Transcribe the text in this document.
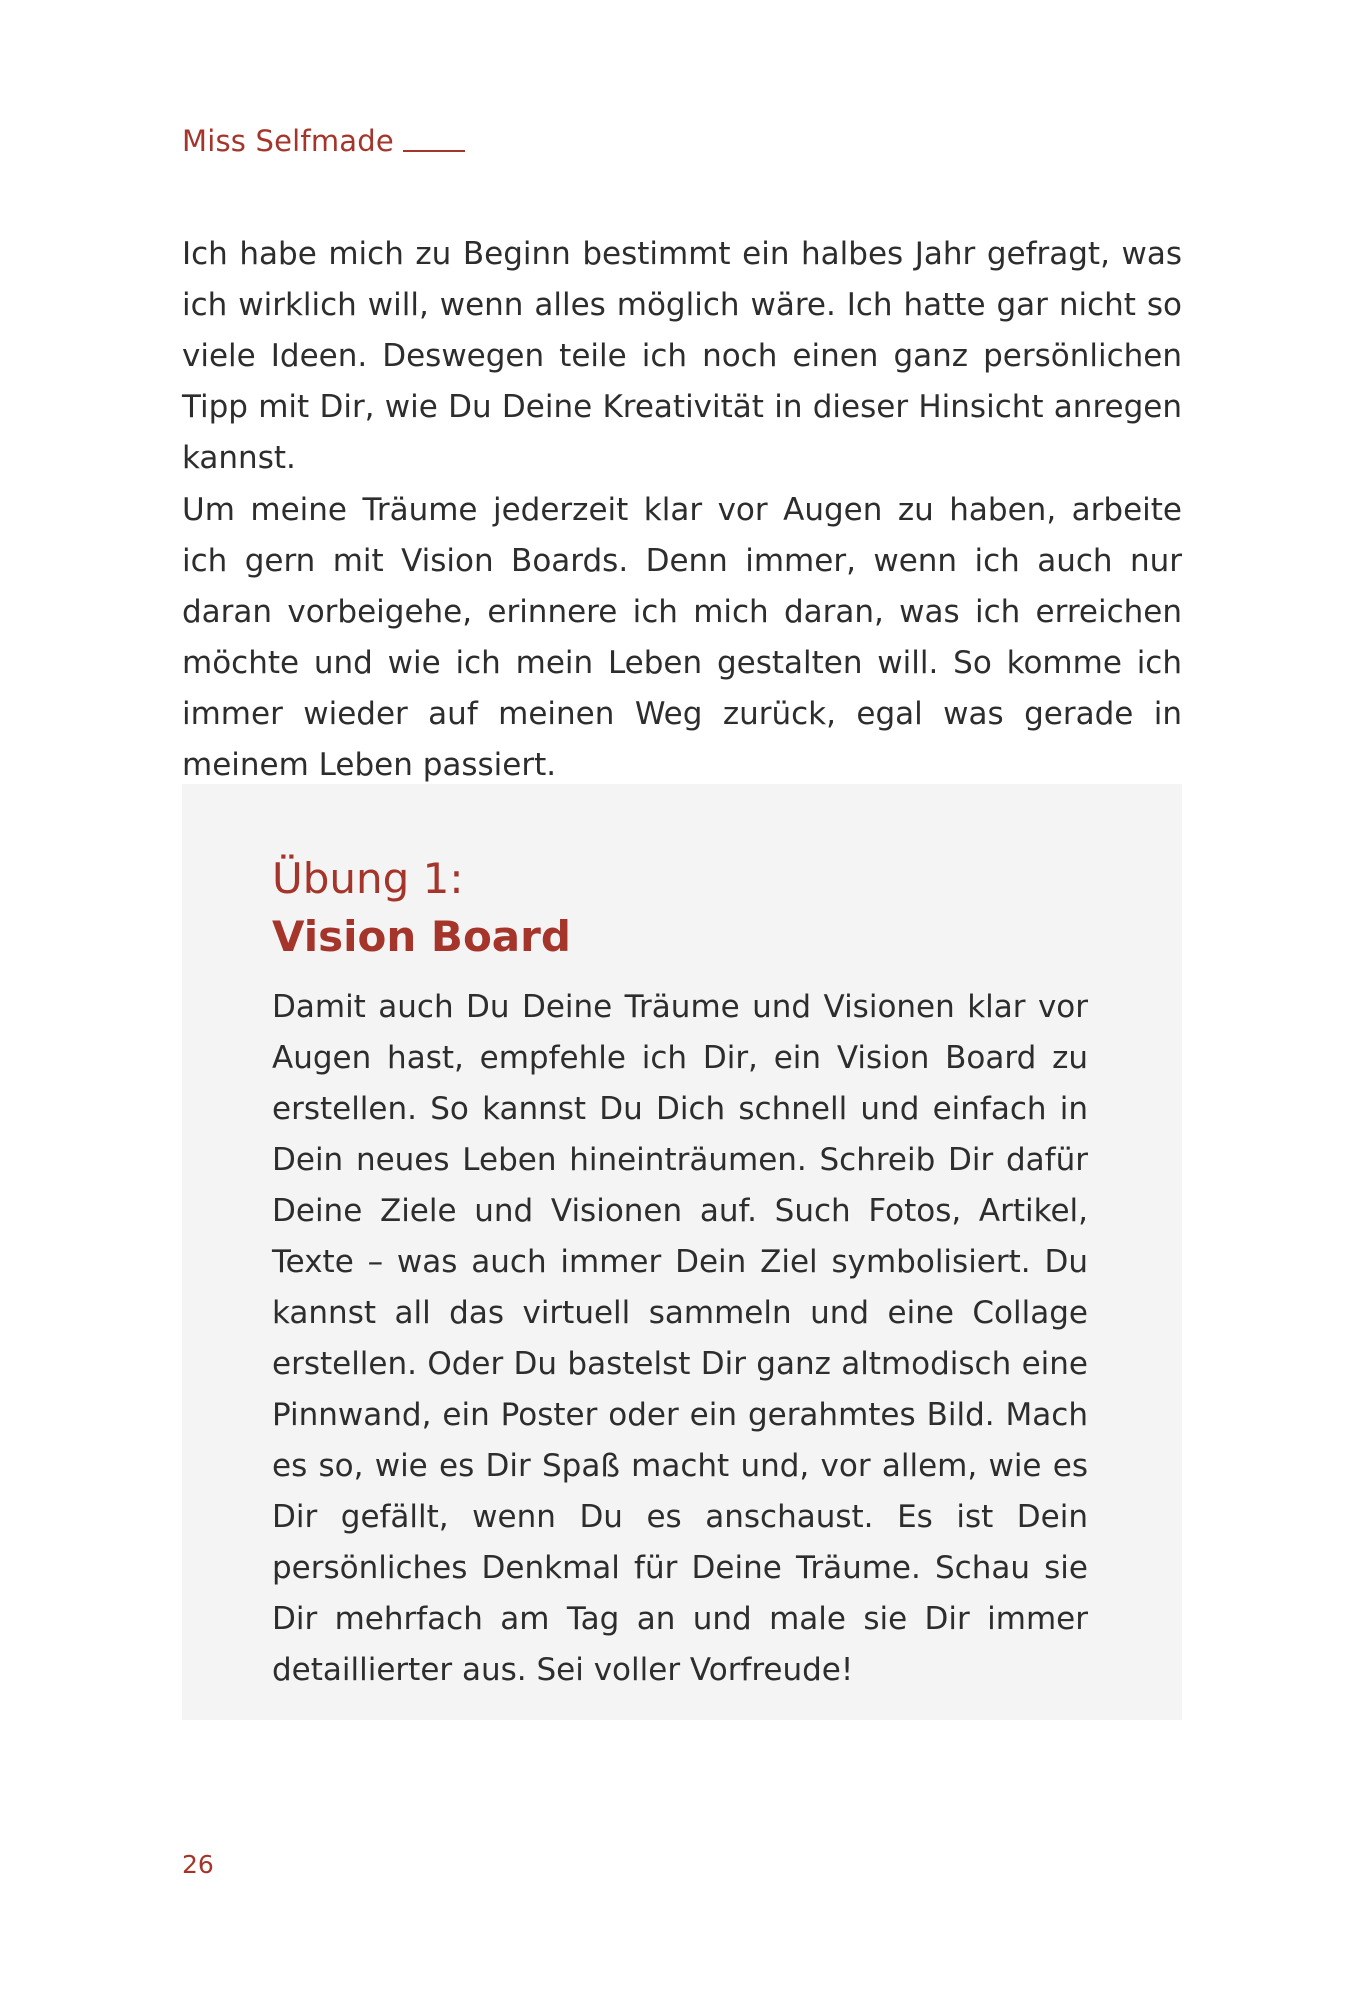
Miss Selfmade

Ich habe mich zu Beginn bestimmt ein halbes Jahr gefragt, was ich wirklich will, wenn alles möglich wäre. Ich hatte gar nicht so viele Ideen. Deswegen teile ich noch einen ganz persönlichen Tipp mit Dir, wie Du Deine Kreativität in dieser Hinsicht anregen kannst.

Um meine Träume jederzeit klar vor Augen zu haben, arbeite ich gern mit Vision Boards. Denn immer, wenn ich auch nur daran vorbeigehe, erinnere ich mich daran, was ich erreichen möchte und wie ich mein Leben gestalten will. So komme ich immer wieder auf meinen Weg zurück, egal was gerade in meinem Leben passiert.

Übung 1:
Vision Board

Damit auch Du Deine Träume und Visionen klar vor Augen hast, empfehle ich Dir, ein Vision Board zu erstellen. So kannst Du Dich schnell und einfach in Dein neues Leben hineinträumen. Schreib Dir dafür Deine Ziele und Visionen auf. Such Fotos, Artikel, Texte – was auch immer Dein Ziel symbolisiert. Du kannst all das virtuell sammeln und eine Collage erstellen. Oder Du bastelst Dir ganz altmodisch eine Pinnwand, ein Poster oder ein gerahmtes Bild. Mach es so, wie es Dir Spaß macht und, vor allem, wie es Dir gefällt, wenn Du es anschaust. Es ist Dein persönliches Denkmal für Deine Träume. Schau sie Dir mehrfach am Tag an und male sie Dir immer detaillierter aus. Sei voller Vorfreude!

26
